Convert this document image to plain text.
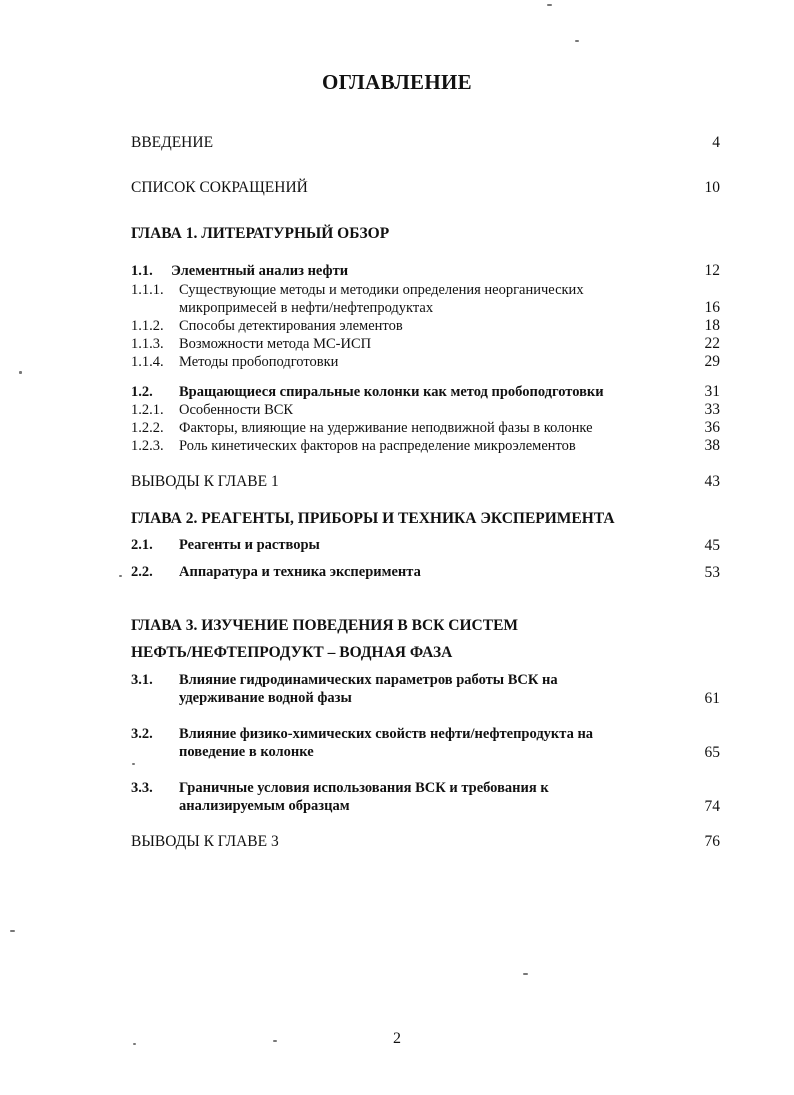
ОГЛАВЛЕНИЕ
ВВЕДЕНИЕ	4
СПИСОК СОКРАЩЕНИЙ	10
ГЛАВА 1. ЛИТЕРАТУРНЫЙ ОБЗОР
1.1. Элементный анализ нефти	12
1.1.1. Существующие методы и методики определения неорганических
микропримесей в нефти/нефтепродуктах	16
1.1.2. Способы детектирования элементов	18
1.1.3. Возможности метода МС-ИСП	22
1.1.4. Методы пробоподготовки	29
1.2. Вращающиеся спиральные колонки как метод пробоподготовки	31
1.2.1. Особенности ВСК	33
1.2.2. Факторы, влияющие на удерживание неподвижной фазы в колонке	36
1.2.3. Роль кинетических факторов на распределение микроэлементов	38
ВЫВОДЫ К ГЛАВЕ 1	43
ГЛАВА 2. РЕАГЕНТЫ, ПРИБОРЫ И ТЕХНИКА ЭКСПЕРИМЕНТА
2.1. Реагенты и растворы	45
2.2. Аппаратура и техника эксперимента	53
ГЛАВА 3. ИЗУЧЕНИЕ ПОВЕДЕНИЯ В ВСК СИСТЕМ
НЕФТЬ/НЕФТЕПРОДУКТ – ВОДНАЯ ФАЗА
3.1. Влияние гидродинамических параметров работы ВСК на
удерживание водной фазы	61
3.2. Влияние физико-химических свойств нефти/нефтепродукта на
поведение в колонке	65
3.3. Граничные условия использования ВСК и требования к
анализируемым образцам	74
ВЫВОДЫ К ГЛАВЕ 3	76
2
